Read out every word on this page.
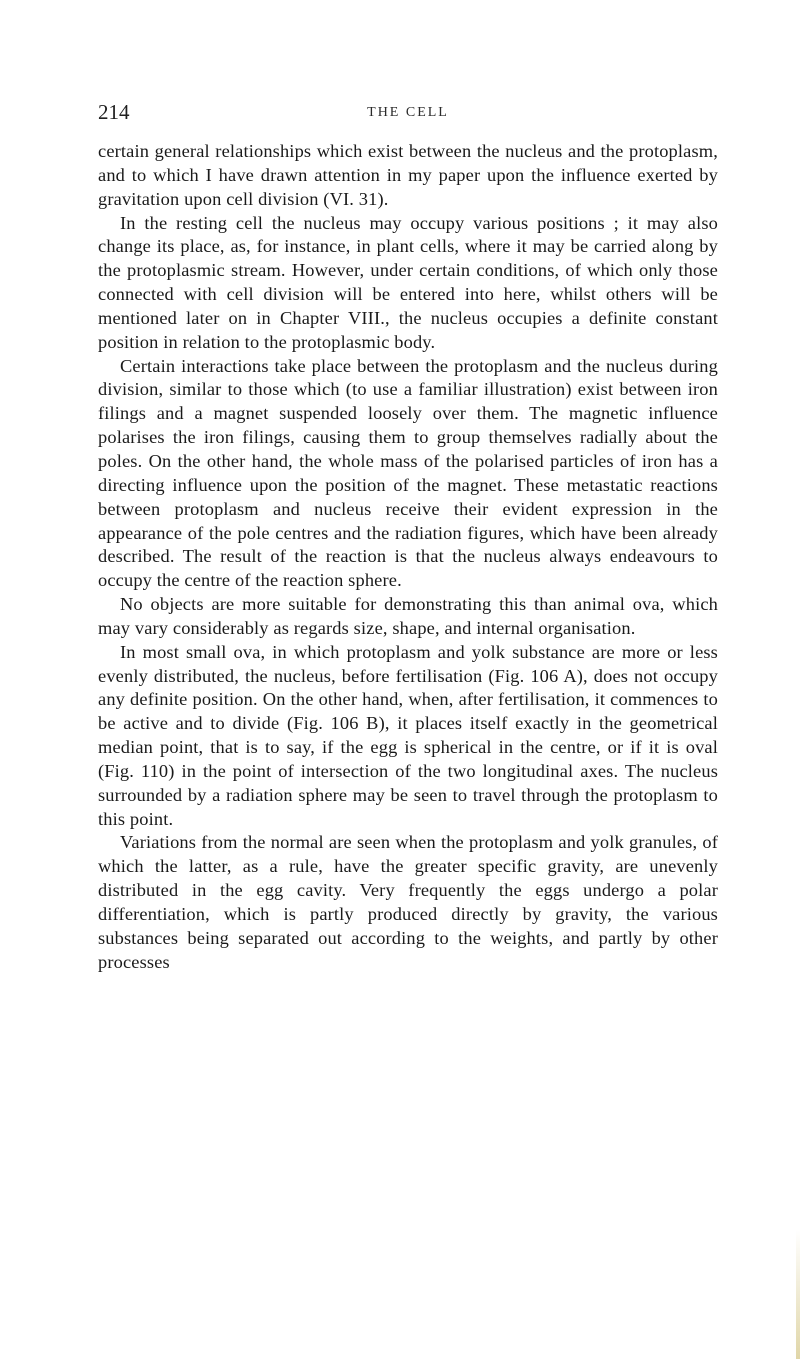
214	THE CELL

certain general relationships which exist between the nucleus and the protoplasm, and to which I have drawn attention in my paper upon the influence exerted by gravitation upon cell division (VI. 31).

In the resting cell the nucleus may occupy various positions ; it may also change its place, as, for instance, in plant cells, where it may be carried along by the protoplasmic stream. However, under certain conditions, of which only those connected with cell division will be entered into here, whilst others will be mentioned later on in Chapter VIII., the nucleus occupies a definite constant position in relation to the protoplasmic body.

Certain interactions take place between the protoplasm and the nucleus during division, similar to those which (to use a familiar illustration) exist between iron filings and a magnet suspended loosely over them. The magnetic influence polarises the iron filings, causing them to group themselves radially about the poles. On the other hand, the whole mass of the polarised particles of iron has a directing influence upon the position of the magnet. These metastatic reactions between protoplasm and nucleus receive their evident expression in the appearance of the pole centres and the radiation figures, which have been already described. The result of the reaction is that the nucleus always endeavours to occupy the centre of the reaction sphere.

No objects are more suitable for demonstrating this than animal ova, which may vary considerably as regards size, shape, and internal organisation.

In most small ova, in which protoplasm and yolk substance are more or less evenly distributed, the nucleus, before fertilisation (Fig. 106 A), does not occupy any definite position. On the other hand, when, after fertilisation, it commences to be active and to divide (Fig. 106 B), it places itself exactly in the geometrical median point, that is to say, if the egg is spherical in the centre, or if it is oval (Fig. 110) in the point of intersection of the two longitudinal axes. The nucleus surrounded by a radiation sphere may be seen to travel through the protoplasm to this point.

Variations from the normal are seen when the protoplasm and yolk granules, of which the latter, as a rule, have the greater specific gravity, are unevenly distributed in the egg cavity. Very frequently the eggs undergo a polar differentiation, which is partly produced directly by gravity, the various substances being separated out according to the weights, and partly by other processes
